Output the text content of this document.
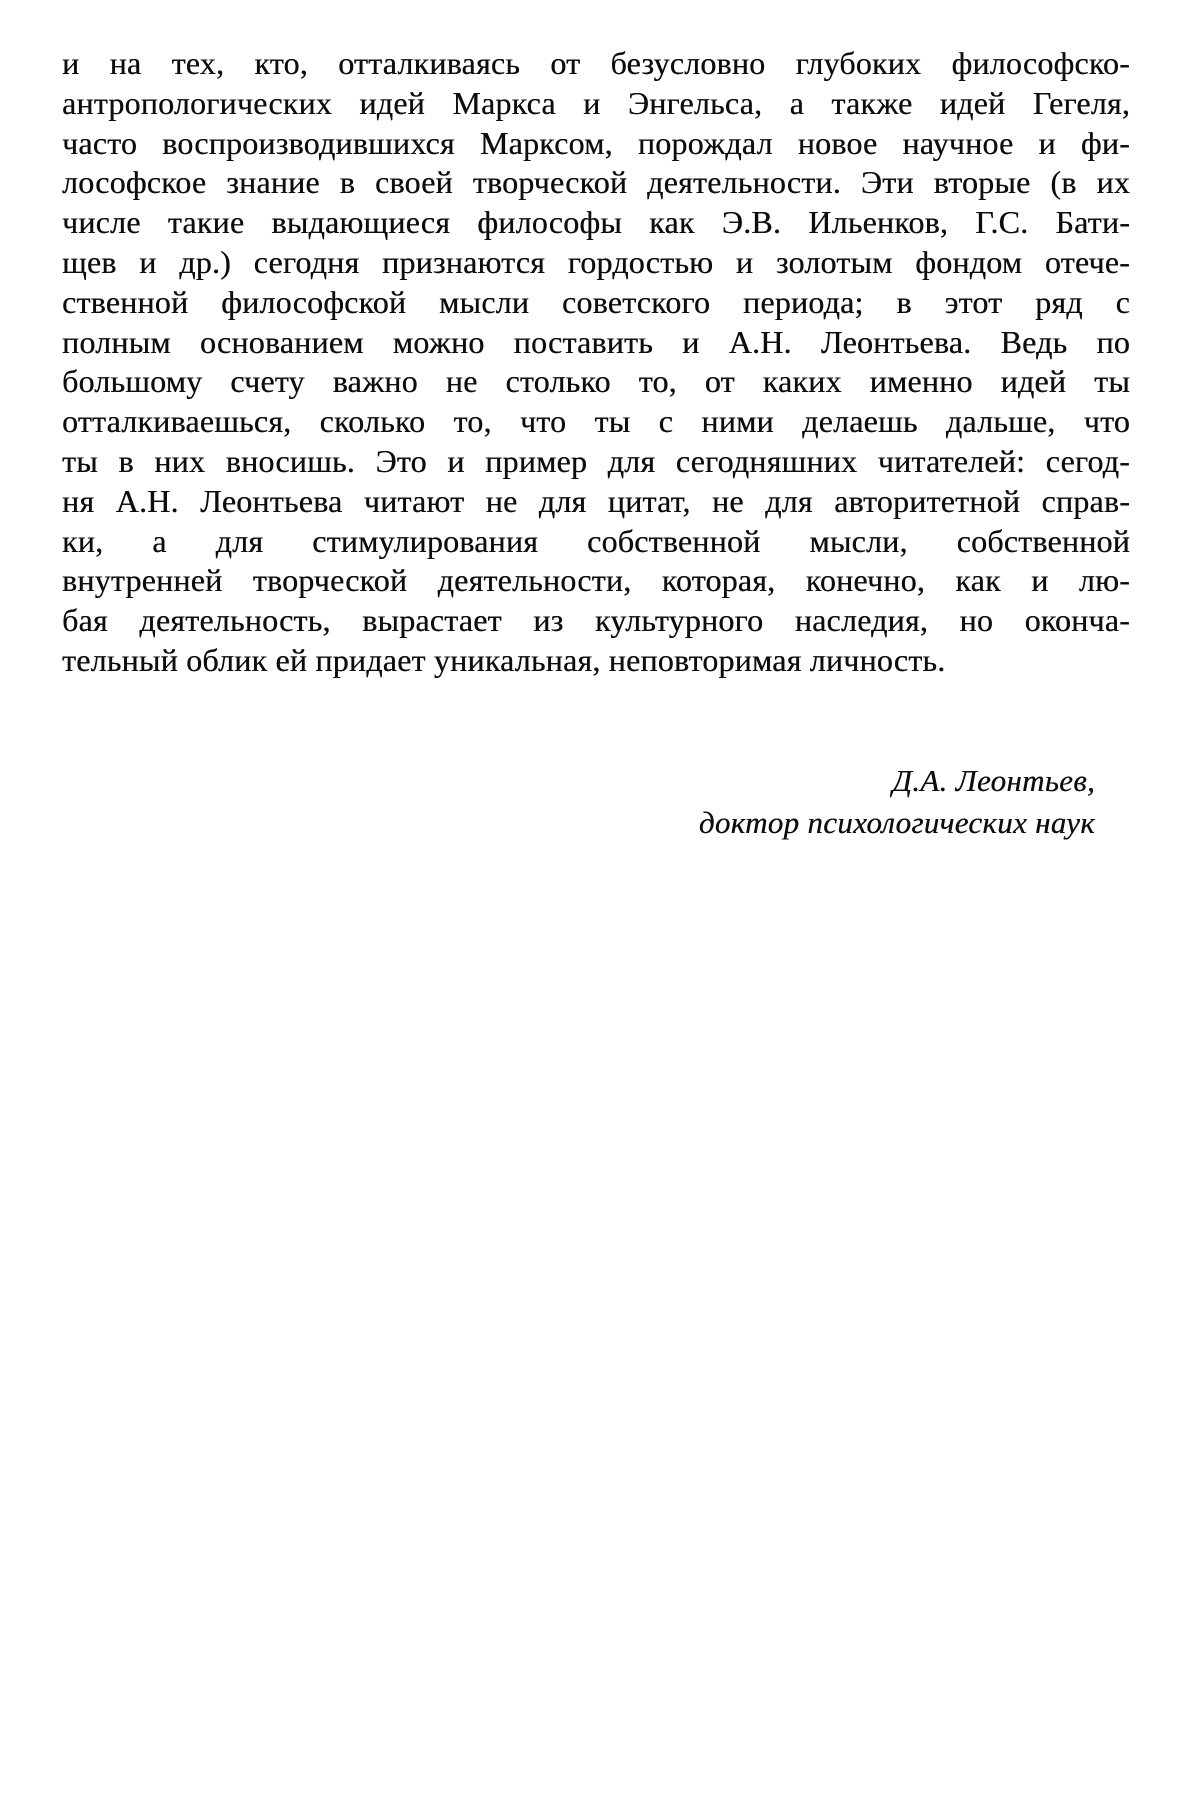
и на тех, кто, отталкиваясь от безусловно глубоких философско-
антропологических идей Маркса и Энгельса, а также идей Гегеля,
часто воспроизводившихся Марксом, порождал новое научное и фи-
лософское знание в своей творческой деятельности. Эти вторые (в их
числе такие выдающиеся философы как Э.В. Ильенков, Г.С. Бати-
щев и др.) сегодня признаются гордостью и золотым фондом отече-
ственной философской мысли советского периода; в этот ряд с
полным основанием можно поставить и А.Н. Леонтьева. Ведь по
большому счету важно не столько то, от каких именно идей ты
отталкиваешься, сколько то, что ты с ними делаешь дальше, что
ты в них вносишь. Это и пример для сегодняшних читателей: сегод-
ня А.Н. Леонтьева читают не для цитат, не для авторитетной справ-
ки, а для стимулирования собственной мысли, собственной
внутренней творческой деятельности, которая, конечно, как и лю-
бая деятельность, вырастает из культурного наследия, но оконча-
тельный облик ей придает уникальная, неповторимая личность.
Д.А. Леонтьев,
доктор психологических наук
